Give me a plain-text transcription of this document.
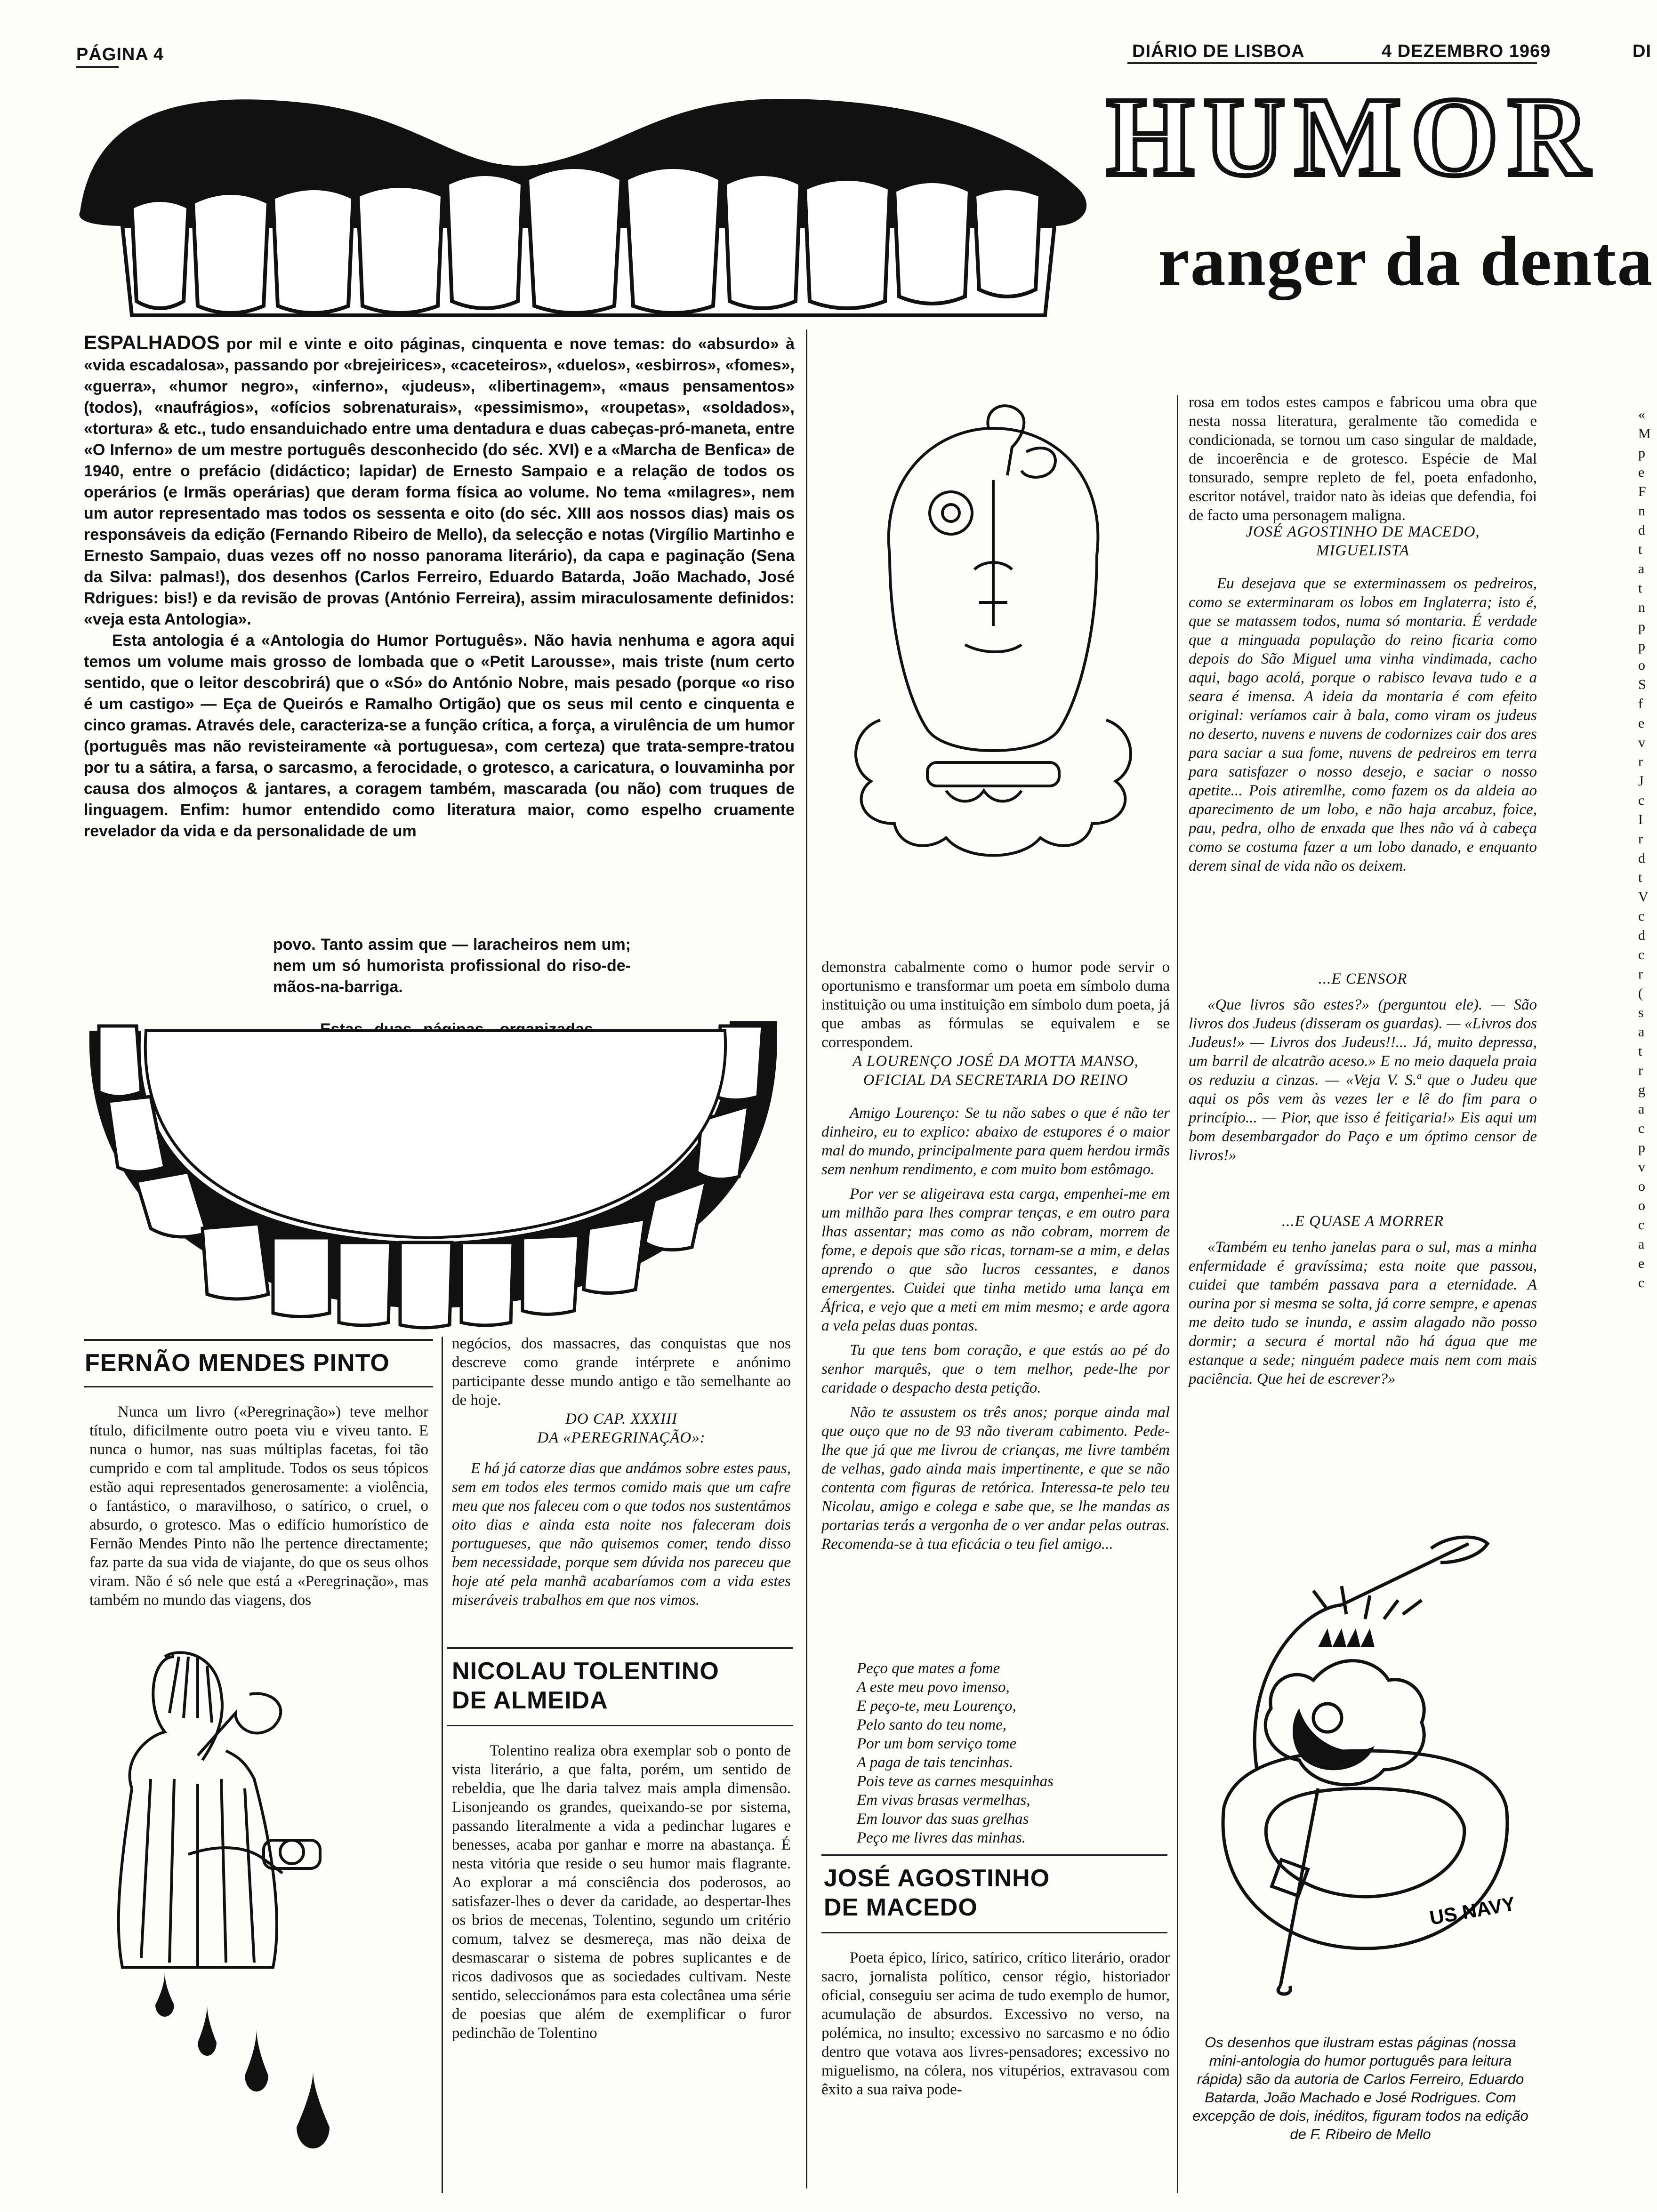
PÁGINA 4	DIÁRIO DE LISBOA	4 DEZEMBRO 1969	DI
HUMOR
ranger da denta

ESPALHADOS por mil e vinte e oito páginas, cinquenta e nove temas: do «absurdo» à «vida escadalosa», passando por «brejeirices», «caceteiros», «duelos», «esbirros», «fomes», «guerra», «humor negro», «inferno», «judeus», «libertinagem», «maus pensamentos» (todos), «naufrágios», «ofícios sobrenaturais», «pessimismo», «roupetas», «soldados», «tortura» & etc., tudo ensanduichado entre uma dentadura e duas cabeças-pró-maneta, entre «O Inferno» de um mestre português desconhecido (do séc. XVI) e a «Marcha de Benfica» de 1940, entre o prefácio (didáctico; lapidar) de Ernesto Sampaio e a relação de todos os operários (e Irmãs operárias) que deram forma física ao volume. No tema «milagres», nem um autor representado mas todos os sessenta e oito (do séc. XIII aos nossos dias) mais os responsáveis da edição (Fernando Ribeiro de Mello), da selecção e notas (Virgílio Martinho e Ernesto Sampaio, duas vezes off no nosso panorama literário), da capa e paginação (Sena da Silva: palmas!), dos desenhos (Carlos Ferreiro, Eduardo Batarda, João Machado, José Rdrigues: bis!) e da revisão de provas (António Ferreira), assim miraculosamente definidos: «veja esta Antologia».

Esta antologia é a «Antologia do Humor Português». Não havia nenhuma e agora aqui temos um volume mais grosso de lombada que o «Petit Larousse», mais triste (num certo sentido, que o leitor descobrirá) que o «Só» do António Nobre, mais pesado (porque «o riso é um castigo» — Eça de Queirós e Ramalho Ortigão) que os seus mil cento e cinquenta e cinco gramas. Através dele, caracteriza-se a função crítica, a força, a virulência de um humor (português mas não revisteiramente «à portuguesa», com certeza) que trata-sempre-tratou por tu a sátira, a farsa, o sarcasmo, a ferocidade, o grotesco, a caricatura, o louvaminha por causa dos almoços & jantares, a coragem também, mascarada (ou não) com truques de linguagem. Enfim: humor entendido como literatura maior, como espelho cruamente revelador da vida e da personalidade de um

povo. Tanto assim que — laracheiros nem um; nem um só humorista profissional do riso-de-mãos-na-barriga.
FERNÃO MENDES PINTO
Nunca um livro («Peregrinação») teve melhor título, dificilmente outro poeta viu e viveu tanto. E nunca o humor, nas suas múltiplas facetas, foi tão cumprido e com tal amplitude. Todos os seus tópicos estão aqui representados generosamente: a violência, o fantástico, o maravilhoso, o satírico, o cruel, o absurdo, o grotesco. Mas o edifício humorístico de Fernão Mendes Pinto não lhe pertence directamente; faz parte da sua vida de viajante, do que os seus olhos viram. Não é só nele que está a «Peregrinação», mas também no mundo das viagens, dos
negócios, dos massacres, das conquistas que nos descreve como grande intérprete e anónimo participante desse mundo antigo e tão semelhante ao de hoje.
DO CAP. XXXIII
DA «PEREGRINAÇÃO»:
E há já catorze dias que andámos sobre estes paus, sem em todos eles termos comido mais que um cafre meu que nos faleceu com o que todos nos sustentámos oito dias e ainda esta noite nos faleceram dois portugueses, que não quisemos comer, tendo disso bem necessidade, porque sem dúvida nos pareceu que hoje até pela manhã acabaríamos com a vida estes miseráveis trabalhos em que nos vimos.
NICOLAU TOLENTINO
DE ALMEIDA
Tolentino realiza obra exemplar sob o ponto de vista literário, a que falta, porém, um sentido de rebeldia, que lhe daria talvez mais ampla dimensão. Lisonjeando os grandes, queixando-se por sistema, passando literalmente a vida a pedinchar lugares e benesses, acaba por ganhar e morre na abastança. É nesta vitória que reside o seu humor mais flagrante. Ao explorar a má consciência dos poderosos, ao satisfazer-lhes o dever da caridade, ao despertar-lhes os brios de mecenas, Tolentino, segundo um critério comum, talvez se desmereça, mas não deixa de desmascarar o sistema de pobres suplicantes e de ricos dadivosos que as sociedades cultivam. Neste sentido, seleccionámos para esta colectânea uma série de poesias que além de exemplificar o furor pedinchão de Tolentino
demonstra cabalmente como o humor pode servir o oportunismo e transformar um poeta em símbolo duma instituição ou uma instituição em símbolo dum poeta, já que ambas as fórmulas se equivalem e se correspondem.
A LOURENÇO JOSÉ DA MOTTA MANSO,
OFICIAL DA SECRETARIA DO REINO

Amigo Lourenço: Se tu não sabes o que é não ter dinheiro, eu to explico: abaixo de estupores é o maior mal do mundo, principalmente para quem herdou irmãs sem nenhum rendimento, e com muito bom estômago.

Por ver se aligeirava esta carga, empenhei-me em um milhão para lhes comprar tenças, e em outro para lhas assentar; mas como as não cobram, morrem de fome, e depois que são ricas, tornam-se a mim, e delas aprendo o que são lucros cessantes, e danos emergentes. Cuidei que tinha metido uma lança em África, e vejo que a meti em mim mesmo; e arde agora a vela pelas duas pontas.

Tu que tens bom coração, e que estás ao pé do senhor marquês, que o tem melhor, pede-lhe por caridade o despacho desta petição.

Não te assustem os três anos; porque ainda mal que ouço que no de 93 não tiveram cabimento. Pede-lhe que já que me livrou de crianças, me livre também de velhas, gado ainda mais impertinente, e que se não contenta com figuras de retórica. Interessa-te pelo teu Nicolau, amigo e colega e sabe que, se lhe mandas as portarias terás a vergonha de o ver andar pelas outras. Recomenda-se à tua eficácia o teu fiel amigo...

Peço que mates a fome
A este meu povo imenso,
E peço-te, meu Lourenço,
Pelo santo do teu nome,
Por um bom serviço tome
A paga de tais tencinhas.
Pois teve as carnes mesquinhas
Em vivas brasas vermelhas,
Em louvor das suas grelhas
Peço me livres das minhas.
JOSÉ AGOSTINHO
DE MACEDO
Poeta épico, lírico, satírico, crítico literário, orador sacro, jornalista político, censor régio, historiador oficial, conseguiu ser acima de tudo exemplo de humor, acumulação de absurdos. Excessivo no verso, na polémica, no insulto; excessivo no sarcasmo e no ódio dentro que votava aos livres-pensadores; excessivo no miguelismo, na cólera, nos vitupérios, extravasou com êxito a sua raiva pode-
rosa em todos estes campos e fabricou uma obra que nesta nossa literatura, geralmente tão comedida e condicionada, se tornou um caso singular de maldade, de incoerência e de grotesco. Espécie de Mal tonsurado, sempre repleto de fel, poeta enfadonho, escritor notável, traidor nato às ideias que defendia, foi de facto uma personagem maligna.
JOSÉ AGOSTINHO DE MACEDO,
MIGUELISTA
Eu desejava que se exterminassem os pedreiros, como se exterminaram os lobos em Inglaterra; isto é, que se matassem todos, numa só montaria. É verdade que a minguada população do reino ficaria como depois do São Miguel uma vinha vindimada, cacho aqui, bago acolá, porque o rabisco levava tudo e a seara é imensa. A ideia da montaria é com efeito original: veríamos cair à bala, como viram os judeus no deserto, nuvens e nuvens de codornizes cair dos ares para saciar a sua fome, nuvens de pedreiros em terra para satisfazer o nosso desejo, e saciar o nosso apetite... Pois atiremlhe, como fazem os da aldeia ao aparecimento de um lobo, e não haja arcabuz, foice, pau, pedra, olho de enxada que lhes não vá à cabeça como se costuma fazer a um lobo danado, e enquanto derem sinal de vida não os deixem.
...E CENSOR
«Que livros são estes?» (perguntou ele). — São livros dos Judeus (disseram os guardas). — «Livros dos Judeus!» — Livros dos Judeus!!... Já, muito depressa, um barril de alcatrão aceso.» E no meio daquela praia os reduziu a cinzas. — «Veja V. S.ª que o Judeu que aqui os pôs vem às vezes ler e lê do fim para o princípio... — Pior, que isso é feitiçaria!» Eis aqui um bom desembargador do Paço e um óptimo censor de livros!»
...E QUASE A MORRER
«Também eu tenho janelas para o sul, mas a minha enfermidade é gravíssima; esta noite que passou, cuidei que também passava para a eternidade. A ourina por si mesma se solta, já corre sempre, e apenas me deito tudo se inunda, e assim alagado não posso dormir; a secura é mortal não há água que me estanque a sede; ninguém padece mais nem com mais paciência. Que hei de escrever?»
US NAVY
Os desenhos que ilustram estas páginas (nossa mini-antologia do humor português para leitura rápida) são da autoria de Carlos Ferreiro, Eduardo Batarda, João Machado e José Rodrigues. Com excepção de dois, inéditos, figuram todos na edição de F. Ribeiro de Mello
«
M
p
e
F
n
d
t
a
t
n
p
p
o
S
f
e
v
r
J
c
I
r
d
t
V
c
d
c
r
(
s
a
t
r
g
a
c
p
v
o
o
c
a
e
c
